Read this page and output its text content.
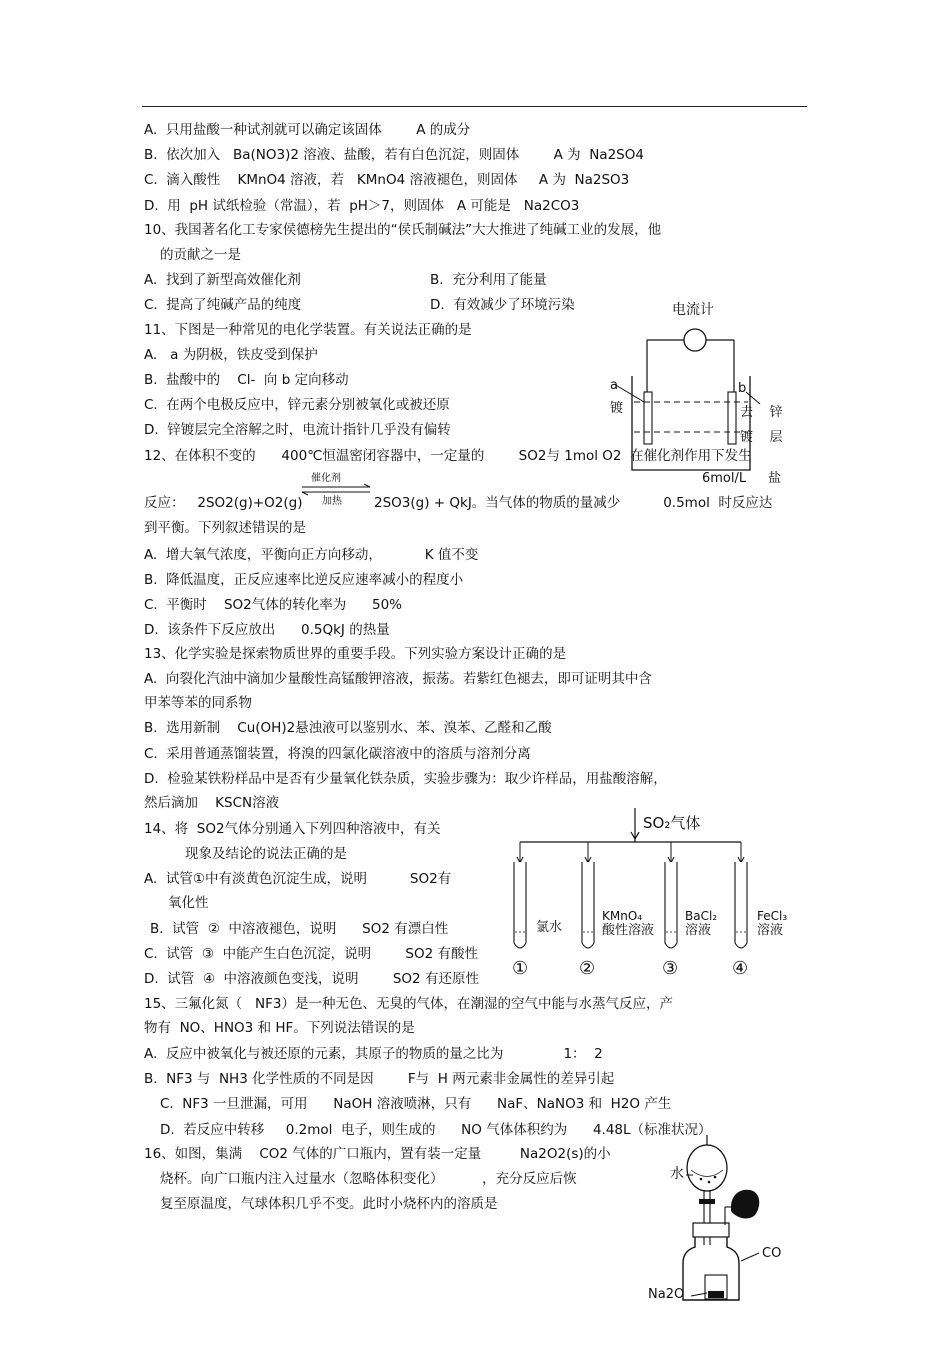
A.  只用盐酸一种试剂就可以确定该固体        A 的成分
B.  依次加入   Ba(NO3)2 溶液、盐酸，若有白色沉淀，则固体        A 为  Na2SO4
C.  滴入酸性    KMnO4 溶液，若   KMnO4 溶液褪色，则固体     A 为  Na2SO3
D.  用  pH 试纸检验（常温），若  pH＞7，则固体   A 可能是   Na2CO3
10、我国著名化工专家侯德榜先生提出的“侯氏制碱法”大大推进了纯碱工业的发展，他
的贡献之一是
A.  找到了新型高效催化剂	B.  充分利用了能量
C.  提高了纯碱产品的纯度	D.  有效减少了环境污染
11、下图是一种常见的电化学装置。有关说法正确的是
A.   a 为阴极，铁皮受到保护
B.  盐酸中的    Cl-  向 b 定向移动
C.  在两个电极反应中，锌元素分别被氧化或被还原
D.  锌镀层完全溶解之时，电流计指针几乎没有偏转
电流计
a
镀
b
去    锌
镀    层
6mol/L 盐
12、在体积不变的      400℃恒温密闭容器中，一定量的        SO2与 1mol O2  在催化剂作用下发生
催化剂
加热
反应：   2SO2(g)+O2(g)	2SO3(g) + QkJ。当气体的物质的量减少          0.5mol  时反应达
到平衡。下列叙述错误的是
A.  增大氧气浓度，平衡向正方向移动，          K 值不变
B.  降低温度，正反应速率比逆反应速率减小的程度小
C.  平衡时    SO2气体的转化率为      50%
D.  该条件下反应放出      0.5QkJ 的热量
13、化学实验是探索物质世界的重要手段。下列实验方案设计正确的是
A.  向裂化汽油中滴加少量酸性高锰酸钾溶液，振荡。若紫红色褪去，即可证明其中含
甲苯等苯的同系物
B.  选用新制    Cu(OH)2悬浊液可以鉴别水、苯、溴苯、乙醛和乙酸
C.  采用普通蒸馏装置，将溴的四氯化碳溶液中的溶质与溶剂分离
D.  检验某铁粉样品中是否有少量氧化铁杂质，实验步骤为：取少许样品，用盐酸溶解，
然后滴加    KSCN溶液
14、将  SO2气体分别通入下列四种溶液中，有关
现象及结论的说法正确的是
A.  试管①中有淡黄色沉淀生成，说明          SO2有
氧化性
B.  试管  ②  中溶液褪色，说明      SO2 有漂白性
C.  试管  ③  中能产生白色沉淀，说明        SO2 有酸性
D.  试管  ④  中溶液颜色变浅，说明        SO2 有还原性
SO₂气体
氯水
KMnO₄
酸性溶液
BaCl₂
溶液
FeCl₃
溶液
①	②	③	④
15、三氟化氮（   NF3）是一种无色、无臭的气体，在潮湿的空气中能与水蒸气反应，产
物有  NO、HNO3 和 HF。下列说法错误的是
A.  反应中被氧化与被还原的元素，其原子的物质的量之比为              1：  2
B.  NF3 与  NH3 化学性质的不同是因        F与  H 两元素非金属性的差异引起
C.  NF3 一旦泄漏，可用      NaOH 溶液喷淋，只有      NaF、NaNO3 和  H2O 产生
D.  若反应中转移     0.2mol  电子，则生成的      NO 气体体积约为      4.48L（标准状况）
16、如图，集满    CO2 气体的广口瓶内，置有装一定量         Na2O2(s)的小
烧杯。向广口瓶内注入过量水（忽略体积变化）         ，充分反应后恢
复至原温度，气球体积几乎不变。此时小烧杯内的溶质是
水
CO
Na2O
